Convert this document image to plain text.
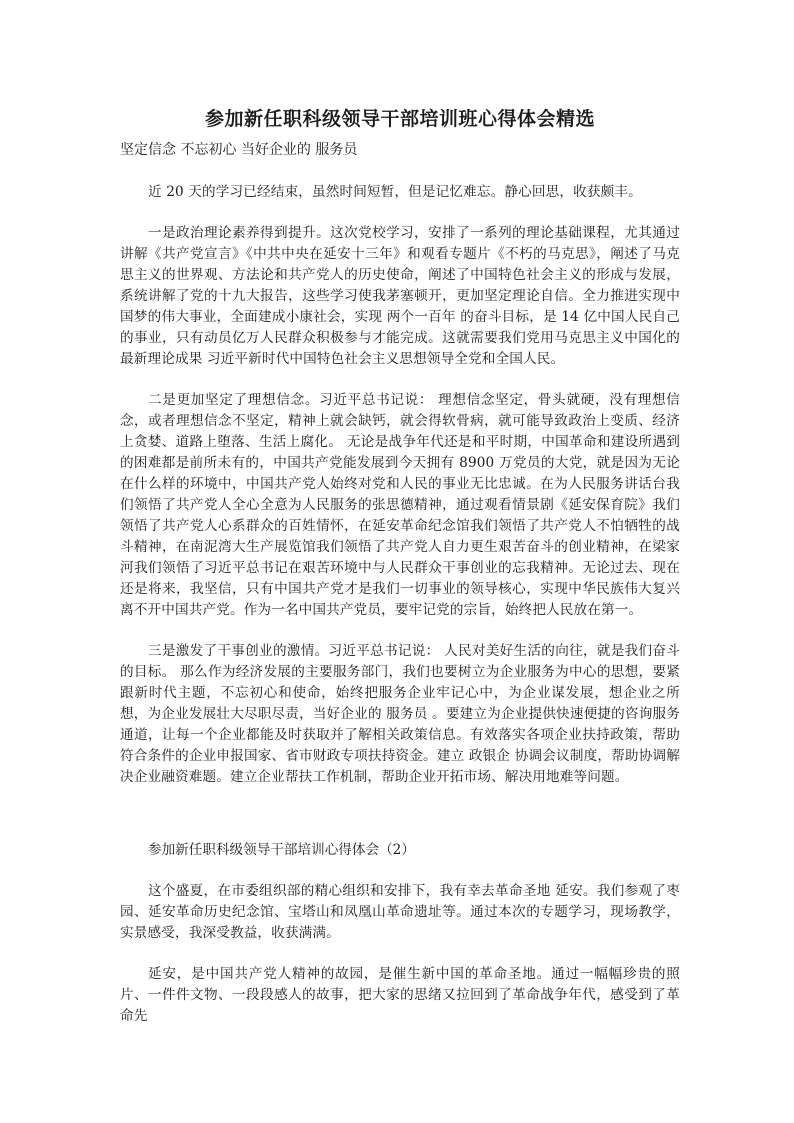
参加新任职科级领导干部培训班心得体会精选
坚定信念 不忘初心 当好企业的 服务员

近 20 天的学习已经结束，虽然时间短暂，但是记忆难忘。静心回思，收获颇丰。

一是政治理论素养得到提升。这次党校学习，安排了一系列的理论基础课程，尤其通过讲解《共产党宣言》《中共中央在延安十三年》和观看专题片《不朽的马克思》，阐述了马克思主义的世界观、方法论和共产党人的历史使命，阐述了中国特色社会主义的形成与发展，系统讲解了党的十九大报告，这些学习使我茅塞顿开，更加坚定理论自信。全力推进实现中国梦的伟大事业，全面建成小康社会，实现 两个一百年 的奋斗目标，是 14 亿中国人民自己的事业，只有动员亿万人民群众积极参与才能完成。这就需要我们党用马克思主义中国化的最新理论成果 习近平新时代中国特色社会主义思想领导全党和全国人民。

二是更加坚定了理想信念。习近平总书记说： 理想信念坚定，骨头就硬，没有理想信念，或者理想信念不坚定，精神上就会缺钙，就会得软骨病，就可能导致政治上变质、经济上贪婪、道路上堕落、生活上腐化。 无论是战争年代还是和平时期，中国革命和建设所遇到的困难都是前所未有的，中国共产党能发展到今天拥有 8900 万党员的大党，就是因为无论在什么样的环境中，中国共产党人始终对党和人民的事业无比忠诚。在为人民服务讲话台我们领悟了共产党人全心全意为人民服务的张思德精神，通过观看情景剧《延安保育院》我们领悟了共产党人心系群众的百姓情怀，在延安革命纪念馆我们领悟了共产党人不怕牺牲的战斗精神，在南泥湾大生产展览馆我们领悟了共产党人自力更生艰苦奋斗的创业精神，在梁家河我们领悟了习近平总书记在艰苦环境中与人民群众干事创业的忘我精神。无论过去、现在还是将来，我坚信，只有中国共产党才是我们一切事业的领导核心，实现中华民族伟大复兴离不开中国共产党。作为一名中国共产党员，要牢记党的宗旨，始终把人民放在第一。

三是激发了干事创业的激情。习近平总书记说： 人民对美好生活的向往，就是我们奋斗的目标。 那么作为经济发展的主要服务部门，我们也要树立为企业服务为中心的思想，要紧跟新时代主题，不忘初心和使命，始终把服务企业牢记心中，为企业谋发展，想企业之所想，为企业发展壮大尽职尽责，当好企业的 服务员 。要建立为企业提供快速便捷的咨询服务通道，让每一个企业都能及时获取并了解相关政策信息。有效落实各项企业扶持政策，帮助符合条件的企业申报国家、省市财政专项扶持资金。建立 政银企 协调会议制度，帮助协调解决企业融资难题。建立企业帮扶工作机制，帮助企业开拓市场、解决用地难等问题。

参加新任职科级领导干部培训心得体会（2）

这个盛夏，在市委组织部的精心组织和安排下，我有幸去革命圣地 延安。我们参观了枣园、延安革命历史纪念馆、宝塔山和凤凰山革命遗址等。通过本次的专题学习，现场教学，实景感受，我深受教益，收获满满。

延安，是中国共产党人精神的故园，是催生新中国的革命圣地。通过一幅幅珍贵的照片、一件件文物、一段段感人的故事，把大家的思绪又拉回到了革命战争年代，感受到了革命先
